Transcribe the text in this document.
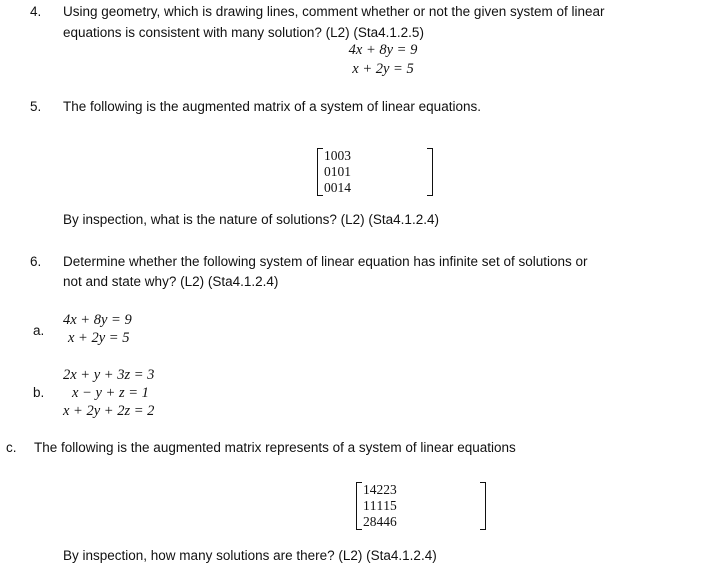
4. Using geometry, which is drawing lines, comment whether or not the given system of linear
equations is consistent with many solution? (L2) (Sta4.1.2.5)
4x + 8y = 9
x + 2y = 5
5. The following is the augmented matrix of a system of linear equations.
1	0	0	3
0	1	0	1
0	0	1	4
By inspection, what is the nature of solutions? (L2) (Sta4.1.2.4)
6. Determine whether the following system of linear equation has infinite set of solutions or
not and state why? (L2) (Sta4.1.2.4)
a.
4x + 8y = 9
x + 2y = 5
2x + y + 3z = 3
b. x − y + z = 1
x + 2y + 2z = 2
c. The following is the augmented matrix represents of a system of linear equations
1	4	2	23
1	1	1	15
2	8	4	46
By inspection, how many solutions are there? (L2) (Sta4.1.2.4)
